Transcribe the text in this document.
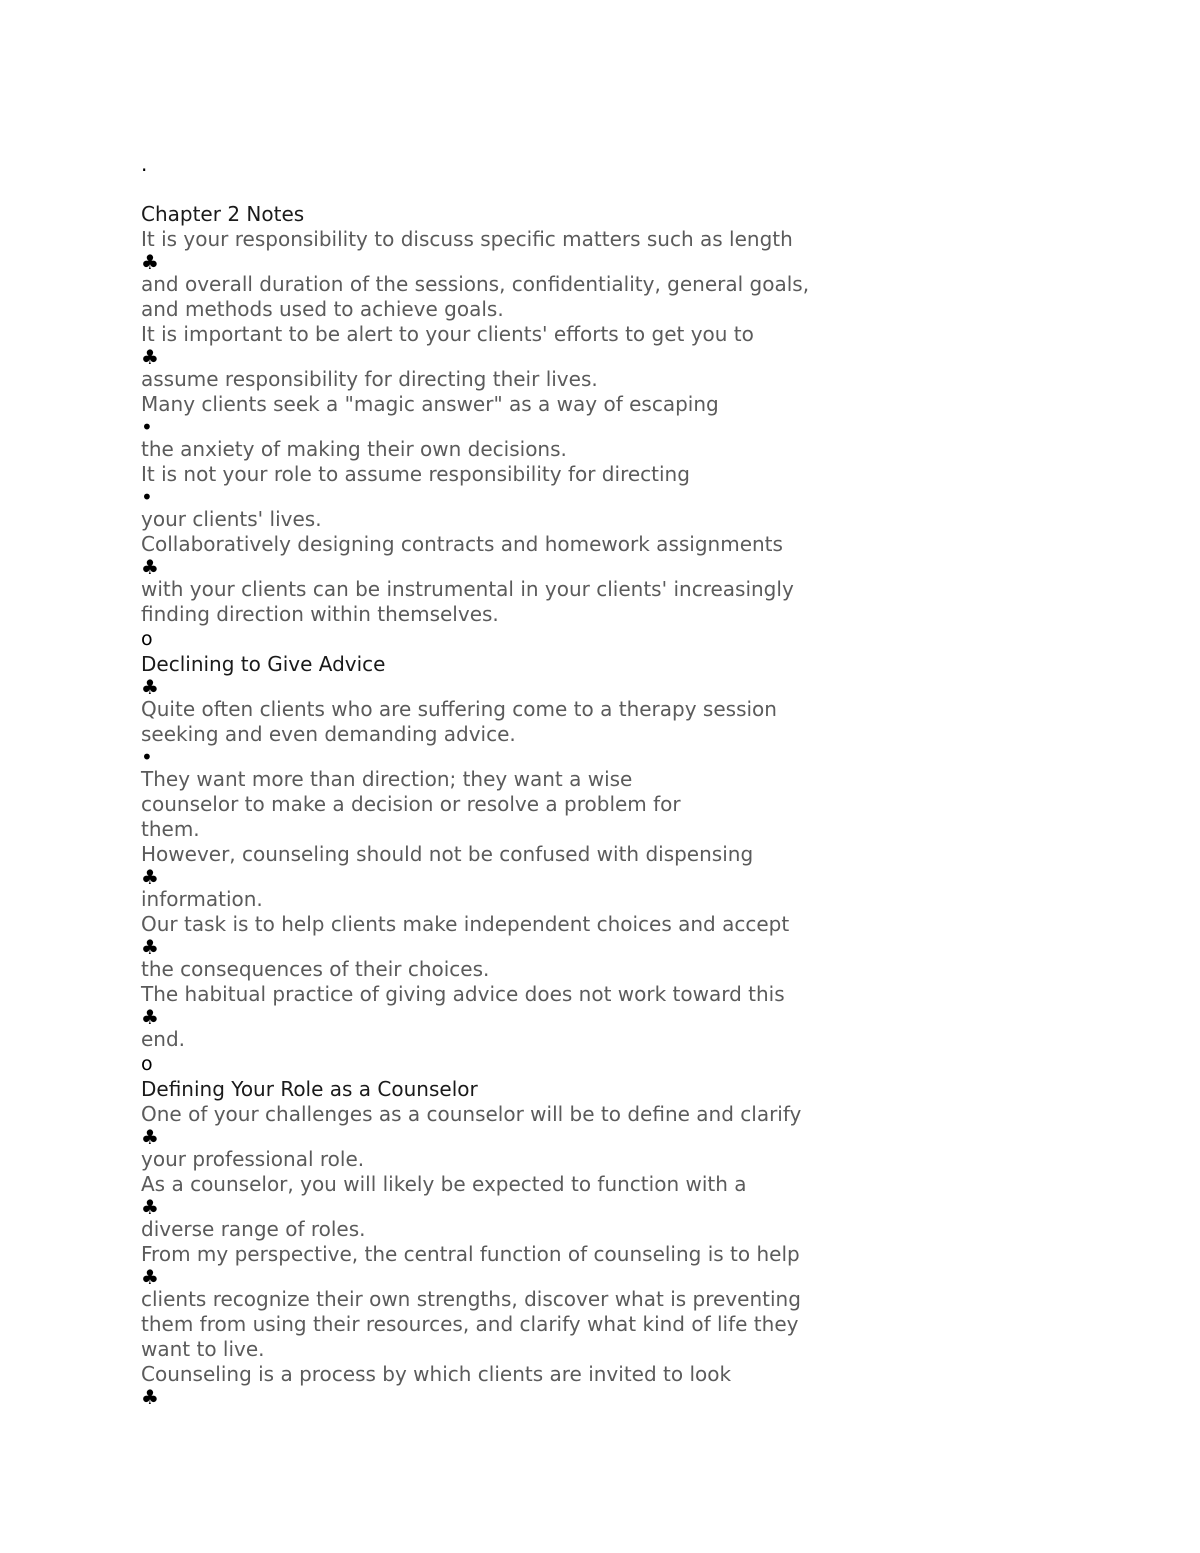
.
Chapter 2 Notes
It is your responsibility to discuss specific matters such as length
♣
and overall duration of the sessions, confidentiality, general goals,
and methods used to achieve goals.
It is important to be alert to your clients' efforts to get you to
♣
assume responsibility for directing their lives.
Many clients seek a "magic answer" as a way of escaping
•
the anxiety of making their own decisions.
It is not your role to assume responsibility for directing
•
your clients' lives.
Collaboratively designing contracts and homework assignments
♣
with your clients can be instrumental in your clients' increasingly
finding direction within themselves.
o
Declining to Give Advice
♣
Quite often clients who are suffering come to a therapy session
seeking and even demanding advice.
•
They want more than direction; they want a wise
counselor to make a decision or resolve a problem for
them.
However, counseling should not be confused with dispensing
♣
information.
Our task is to help clients make independent choices and accept
♣
the consequences of their choices.
The habitual practice of giving advice does not work toward this
♣
end.
o
Defining Your Role as a Counselor
One of your challenges as a counselor will be to define and clarify
♣
your professional role.
As a counselor, you will likely be expected to function with a
♣
diverse range of roles.
From my perspective, the central function of counseling is to help
♣
clients recognize their own strengths, discover what is preventing
them from using their resources, and clarify what kind of life they
want to live.
Counseling is a process by which clients are invited to look
♣
